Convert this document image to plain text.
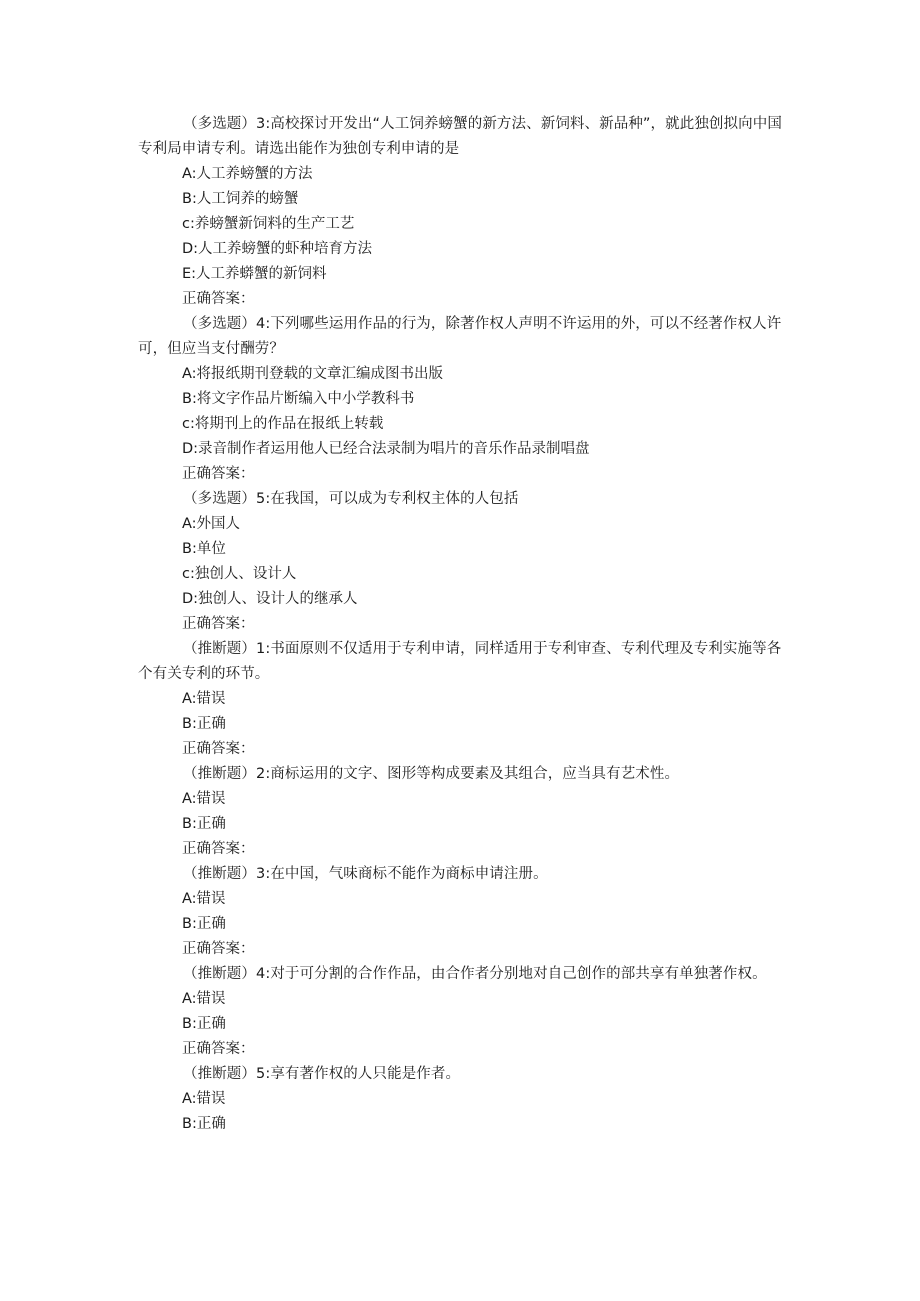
（多选题）3:高校探讨开发出“人工饲养螃蟹的新方法、新饲料、新品种”，就此独创拟向中国专利局申请专利。请选出能作为独创专利申请的是

A:人工养螃蟹的方法

B:人工饲养的螃蟹

c:养螃蟹新饲料的生产工艺

D:人工养螃蟹的虾种培育方法

E:人工养蟒蟹的新饲料

正确答案：

（多选题）4:下列哪些运用作品的行为，除著作权人声明不许运用的外，可以不经著作权人许可，但应当支付酬劳？

A:将报纸期刊登载的文章汇编成图书出版

B:将文字作品片断编入中小学教科书

c:将期刊上的作品在报纸上转载

D:录音制作者运用他人已经合法录制为唱片的音乐作品录制唱盘

正确答案：

（多选题）5:在我国，可以成为专利权主体的人包括

A:外国人

B:单位

c:独创人、设计人

D:独创人、设计人的继承人

正确答案：

（推断题）1:书面原则不仅适用于专利申请，同样适用于专利审查、专利代理及专利实施等各个有关专利的环节。

A:错误

B:正确

正确答案：

（推断题）2:商标运用的文字、图形等构成要素及其组合，应当具有艺术性。

A:错误

B:正确

正确答案：

（推断题）3:在中国，气味商标不能作为商标申请注册。

A:错误

B:正确

正确答案：

（推断题）4:对于可分割的合作作品，由合作者分别地对自己创作的部共享有单独著作权。

A:错误

B:正确

正确答案：

（推断题）5:享有著作权的人只能是作者。

A:错误

B:正确
